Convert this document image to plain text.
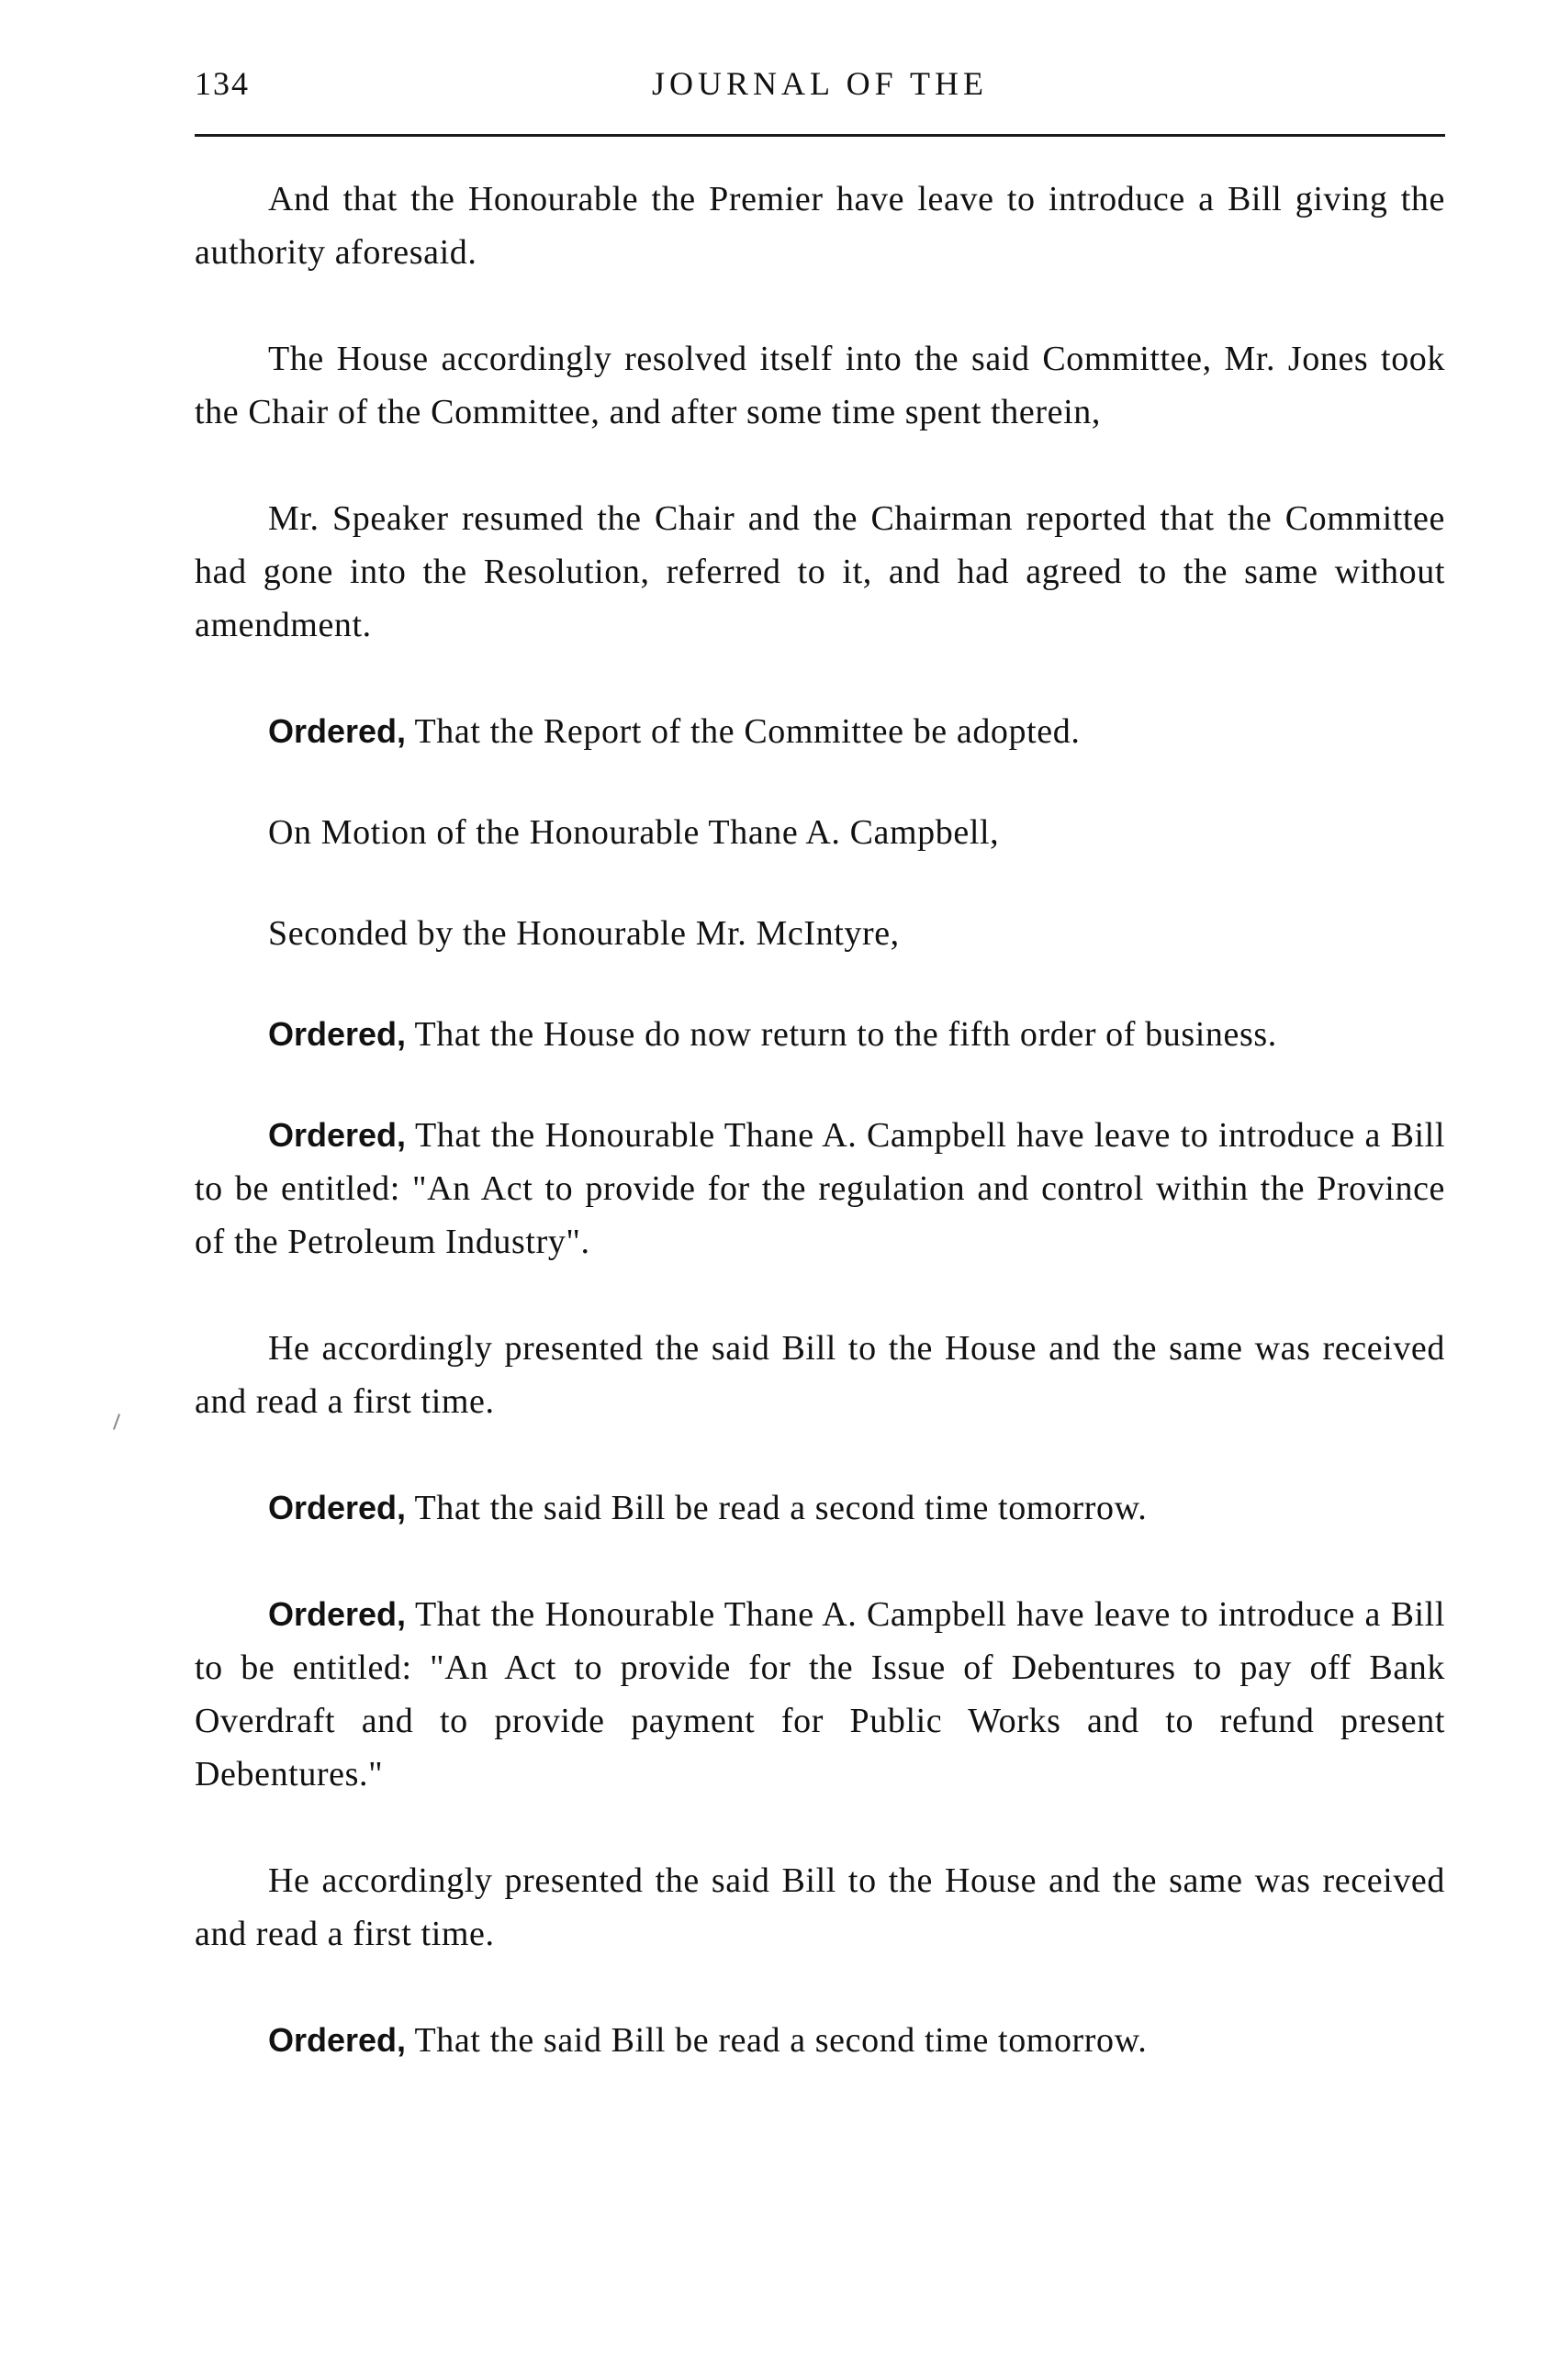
134	JOURNAL OF THE

And that the Honourable the Premier have leave to introduce a Bill giving the authority aforesaid.

The House accordingly resolved itself into the said Committee, Mr. Jones took the Chair of the Committee, and after some time spent therein,

Mr. Speaker resumed the Chair and the Chairman reported that the Committee had gone into the Resolution, referred to it, and had agreed to the same without amendment.

Ordered, That the Report of the Committee be adopted.

On Motion of the Honourable Thane A. Campbell,

Seconded by the Honourable Mr. McIntyre,

Ordered, That the House do now return to the fifth order of business.

Ordered, That the Honourable Thane A. Campbell have leave to introduce a Bill to be entitled: "An Act to provide for the regulation and control within the Province of the Petroleum Industry".

He accordingly presented the said Bill to the House and the same was received and read a first time.

Ordered, That the said Bill be read a second time tomorrow.

Ordered, That the Honourable Thane A. Campbell have leave to introduce a Bill to be entitled: "An Act to provide for the Issue of Debentures to pay off Bank Overdraft and to provide payment for Public Works and to refund present Debentures."

He accordingly presented the said Bill to the House and the same was received and read a first time.

Ordered, That the said Bill be read a second time tomorrow.
